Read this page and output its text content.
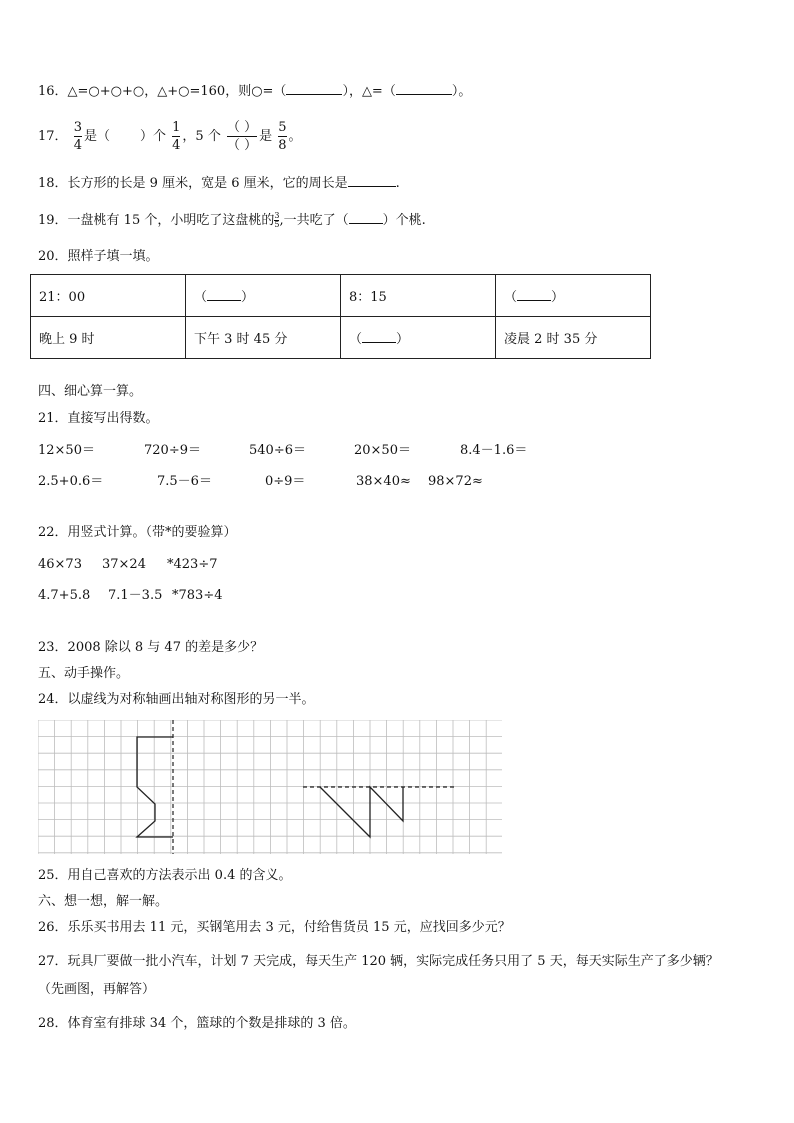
16．△=○+○+○，△+○=160，则○=（	），△=（	）。
17． $\frac{3}{4}$ 是（ ）个 $\frac{1}{4}$ ，5 个 $\frac{( )}{( )}$ 是 $\frac{5}{8}$ 。
18．长方形的长是 9 厘米，宽是 6 厘米，它的周长是	.
19．一盘桃有 15 个，小明吃了这盘桃的$\frac{3}{5}$,一共吃了（	）个桃.
20．照样子填一填。
21：00	（ ）	8：15	（ ）
晚上 9 时	下午 3 时 45 分	（ ）	凌晨 2 时 35 分
四、细心算一算。
21．直接写出得数。
12×50＝	720÷9＝	540÷6＝	20×50＝	8.4－1.6＝
2.5+0.6＝	7.5－6＝	0÷9＝	38×40≈ 98×72≈
22．用竖式计算。（带*的要验算）
46×73 37×24 *423÷7
4.7+5.8 7.1－3.5 *783÷4
23．2008 除以 8 与 47 的差是多少？
五、动手操作。
24．以虚线为对称轴画出轴对称图形的另一半。
25．用自己喜欢的方法表示出 0.4 的含义。
六、想一想，解一解。
26．乐乐买书用去 11 元，买钢笔用去 3 元，付给售货员 15 元，应找回多少元？
27．玩具厂要做一批小汽车，计划 7 天完成，每天生产 120 辆，实际完成任务只用了 5 天，每天实际生产了多少辆？
（先画图，再解答）
28．体育室有排球 34 个，篮球的个数是排球的 3 倍。
